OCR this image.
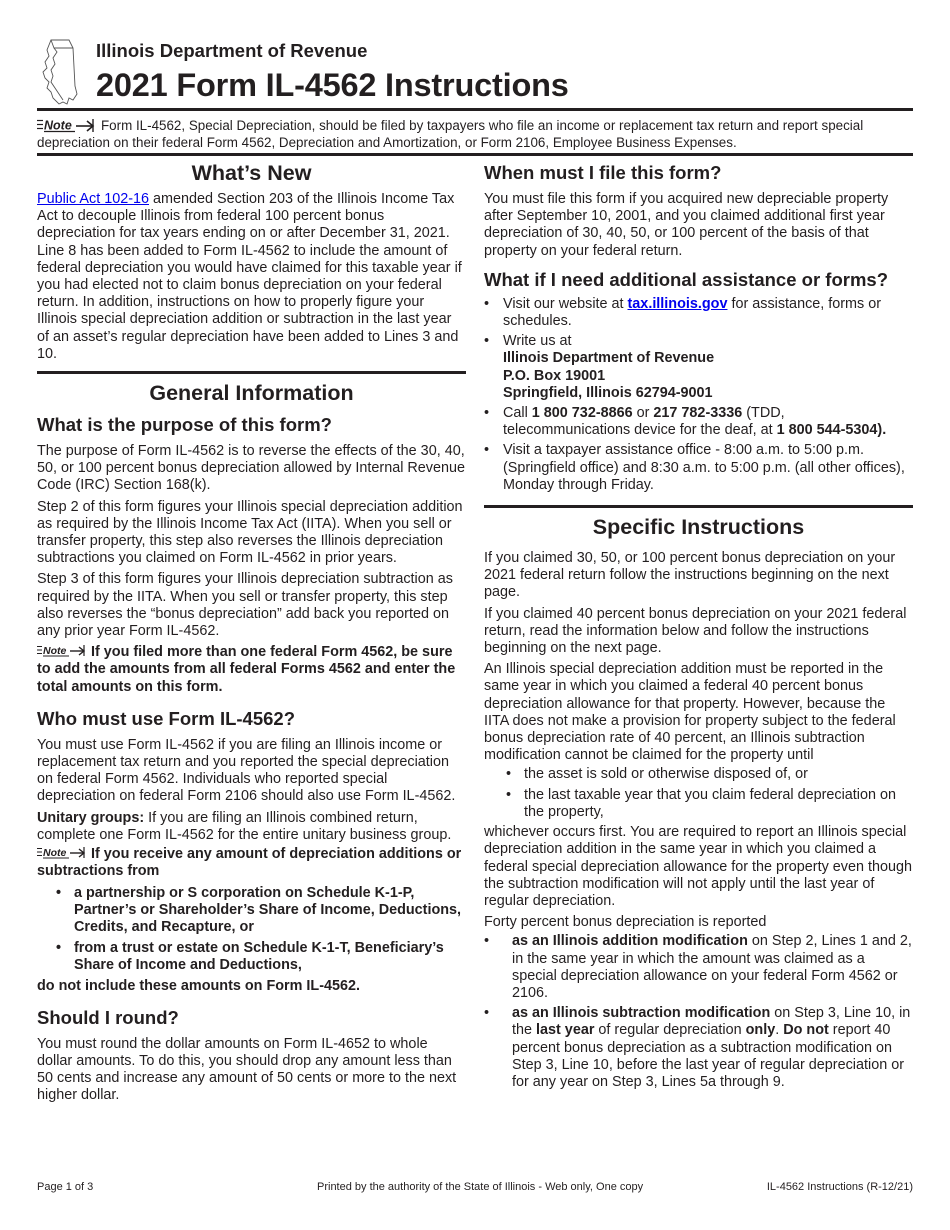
Illinois Department of Revenue
2021 Form IL-4562 Instructions
Note Form IL-4562, Special Depreciation, should be filed by taxpayers who file an income or replacement tax return and report special depreciation on their federal Form 4562, Depreciation and Amortization, or Form 2106, Employee Business Expenses.
What’s New

Public Act 102-16 amended Section 203 of the Illinois Income Tax Act to decouple Illinois from federal 100 percent bonus depreciation for tax years ending on or after December 31, 2021. Line 8 has been added to Form IL-4562 to include the amount of federal depreciation you would have claimed for this taxable year if you had elected not to claim bonus depreciation on your federal return. In addition, instructions on how to properly figure your Illinois special depreciation addition or subtraction in the last year of an asset’s regular depreciation have been added to Lines 3 and 10.

General Information
What is the purpose of this form?

The purpose of Form IL-4562 is to reverse the effects of the 30, 40, 50, or 100 percent bonus depreciation allowed by Internal Revenue Code (IRC) Section 168(k).

Step 2 of this form figures your Illinois special depreciation addition as required by the Illinois Income Tax Act (IITA). When you sell or transfer property, this step also reverses the Illinois depreciation subtractions you claimed on Form IL-4562 in prior years.

Step 3 of this form figures your Illinois depreciation subtraction as required by the IITA. When you sell or transfer property, this step also reverses the “bonus depreciation” add back you reported on any prior year Form IL-4562.

Note If you filed more than one federal Form 4562, be sure to add the amounts from all federal Forms 4562 and enter the total amounts on this form.

Who must use Form IL-4562?

You must use Form IL-4562 if you are filing an Illinois income or replacement tax return and you reported the special depreciation on federal Form 4562. Individuals who reported special depreciation on federal Form 2106 should also use Form IL-4562.

Unitary groups: If you are filing an Illinois combined return, complete one Form IL-4562 for the entire unitary business group.

Note If you receive any amount of depreciation additions or subtractions from

• a partnership or S corporation on Schedule K-1-P, Partner’s or Shareholder’s Share of Income, Deductions, Credits, and Recapture, or
• from a trust or estate on Schedule K-1-T, Beneficiary’s Share of Income and Deductions,

do not include these amounts on Form IL-4562.

Should I round?

You must round the dollar amounts on Form IL-4652 to whole dollar amounts. To do this, you should drop any amount less than 50 cents and increase any amount of 50 cents or more to the next higher dollar.

When must I file this form?

You must file this form if you acquired new depreciable property after September 10, 2001, and you claimed additional first year depreciation of 30, 40, 50, or 100 percent of the basis of that property on your federal return.

What if I need additional assistance or forms?
• Visit our website at tax.illinois.gov for assistance, forms or schedules.
• Write us at
Illinois Department of Revenue
P.O. Box 19001
Springfield, Illinois 62794-9001
• Call 1 800 732-8866 or 217 782-3336 (TDD, telecommunications device for the deaf, at 1 800 544-5304).
• Visit a taxpayer assistance office - 8:00 a.m. to 5:00 p.m. (Springfield office) and 8:30 a.m. to 5:00 p.m. (all other offices), Monday through Friday.
Specific Instructions

If you claimed 30, 50, or 100 percent bonus depreciation on your 2021 federal return follow the instructions beginning on the next page.

If you claimed 40 percent bonus depreciation on your 2021 federal return, read the information below and follow the instructions beginning on the next page.

An Illinois special depreciation addition must be reported in the same year in which you claimed a federal 40 percent bonus depreciation allowance for that property. However, because the IITA does not make a provision for property subject to the federal bonus depreciation rate of 40 percent, an Illinois subtraction modification cannot be claimed for the property until

• the asset is sold or otherwise disposed of, or
• the last taxable year that you claim federal depreciation on the property,

whichever occurs first. You are required to report an Illinois special depreciation addition in the same year in which you claimed a federal special depreciation allowance for the property even though the subtraction modification will not apply until the last year of regular depreciation.

Forty percent bonus depreciation is reported

• as an Illinois addition modification on Step 2, Lines 1 and 2, in the same year in which the amount was claimed as a special depreciation allowance on your federal Form 4562 or 2106.
• as an Illinois subtraction modification on Step 3, Line 10, in the last year of regular depreciation only. Do not report 40 percent bonus depreciation as a subtraction modification on Step 3, Line 10, before the last year of regular depreciation or for any year on Step 3, Lines 5a through 9.
Page 1 of 3	Printed by the authority of the State of Illinois - Web only, One copy	IL-4562 Instructions (R-12/21)
